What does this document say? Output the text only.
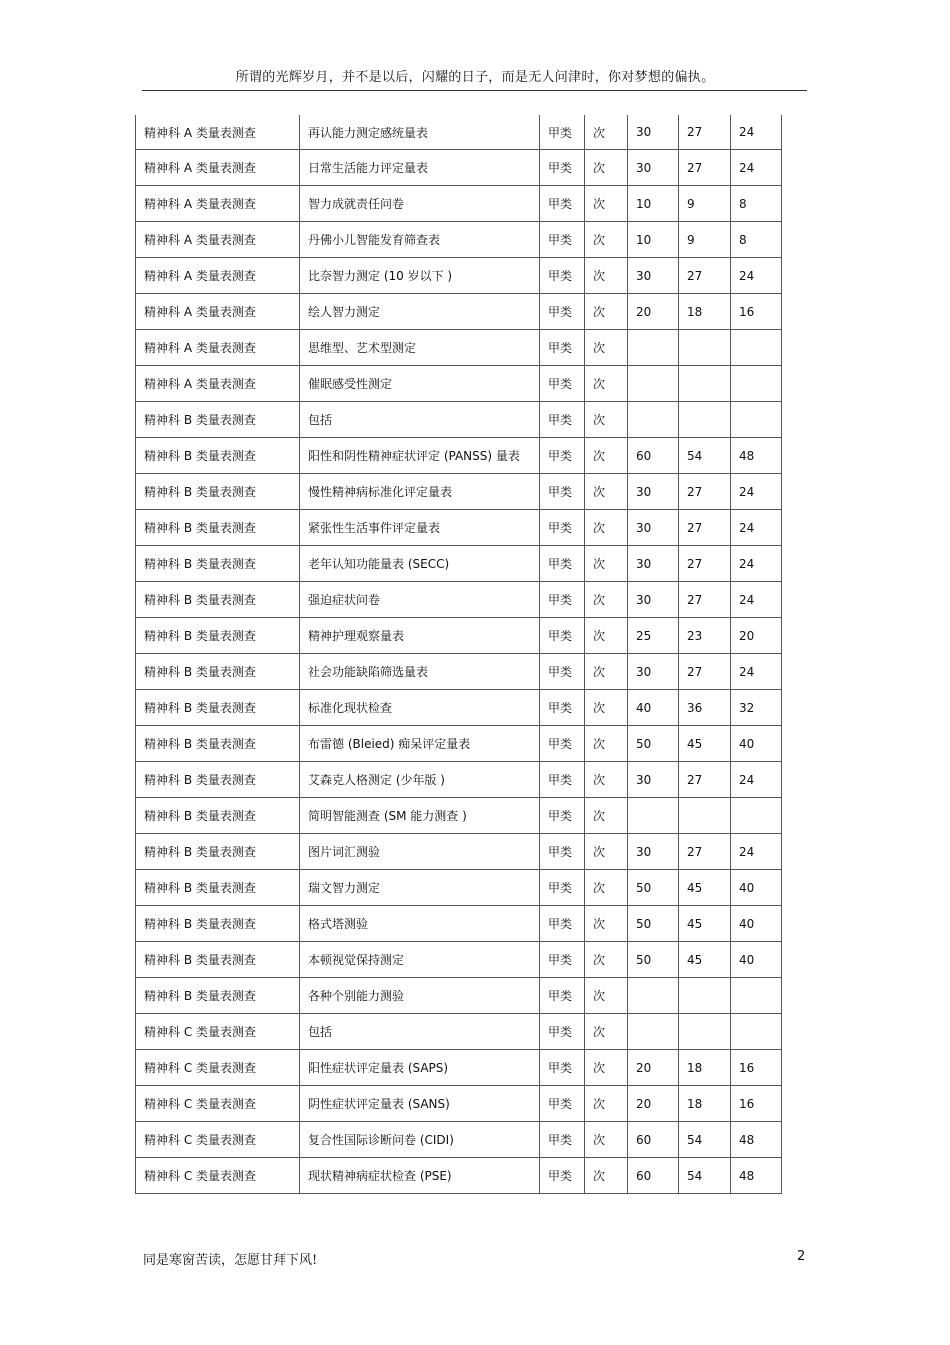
所谓的光辉岁月，并不是以后，闪耀的日子，而是无人问津时，你对梦想的偏执。
精神科 A 类量表测查	再认能力测定感统量表	甲类	次	30	27	24
精神科 A 类量表测查	日常生活能力评定量表	甲类	次	30	27	24
精神科 A 类量表测查	智力成就责任问卷	甲类	次	10	9	8
精神科 A 类量表测查	丹佛小儿智能发育筛查表	甲类	次	10	9	8
精神科 A 类量表测查	比奈智力测定 (10 岁以下 )	甲类	次	30	27	24
精神科 A 类量表测查	绘人智力测定	甲类	次	20	18	16
精神科 A 类量表测查	思维型、艺术型测定	甲类	次			
精神科 A 类量表测查	催眠感受性测定	甲类	次			
精神科 B 类量表测查	包括	甲类	次			
精神科 B 类量表测查	阳性和阴性精神症状评定 (PANSS) 量表	甲类	次	60	54	48
精神科 B 类量表测查	慢性精神病标准化评定量表	甲类	次	30	27	24
精神科 B 类量表测查	紧张性生活事件评定量表	甲类	次	30	27	24
精神科 B 类量表测查	老年认知功能量表 (SECC)	甲类	次	30	27	24
精神科 B 类量表测查	强迫症状问卷	甲类	次	30	27	24
精神科 B 类量表测查	精神护理观察量表	甲类	次	25	23	20
精神科 B 类量表测查	社会功能缺陷筛选量表	甲类	次	30	27	24
精神科 B 类量表测查	标准化现状检查	甲类	次	40	36	32
精神科 B 类量表测查	布雷德 (Bleied) 痴呆评定量表	甲类	次	50	45	40
精神科 B 类量表测查	艾森克人格测定 (少年版 )	甲类	次	30	27	24
精神科 B 类量表测查	简明智能测查 (SM 能力测查 )	甲类	次			
精神科 B 类量表测查	图片词汇测验	甲类	次	30	27	24
精神科 B 类量表测查	瑞文智力测定	甲类	次	50	45	40
精神科 B 类量表测查	格式塔测验	甲类	次	50	45	40
精神科 B 类量表测查	本顿视觉保持测定	甲类	次	50	45	40
精神科 B 类量表测查	各种个别能力测验	甲类	次			
精神科 C 类量表测查	包括	甲类	次			
精神科 C 类量表测查	阳性症状评定量表 (SAPS)	甲类	次	20	18	16
精神科 C 类量表测查	阴性症状评定量表 (SANS)	甲类	次	20	18	16
精神科 C 类量表测查	复合性国际诊断问卷 (CIDI)	甲类	次	60	54	48
精神科 C 类量表测查	现状精神病症状检查 (PSE)	甲类	次	60	54	48
同是寒窗苦读，怎愿甘拜下风!	2
